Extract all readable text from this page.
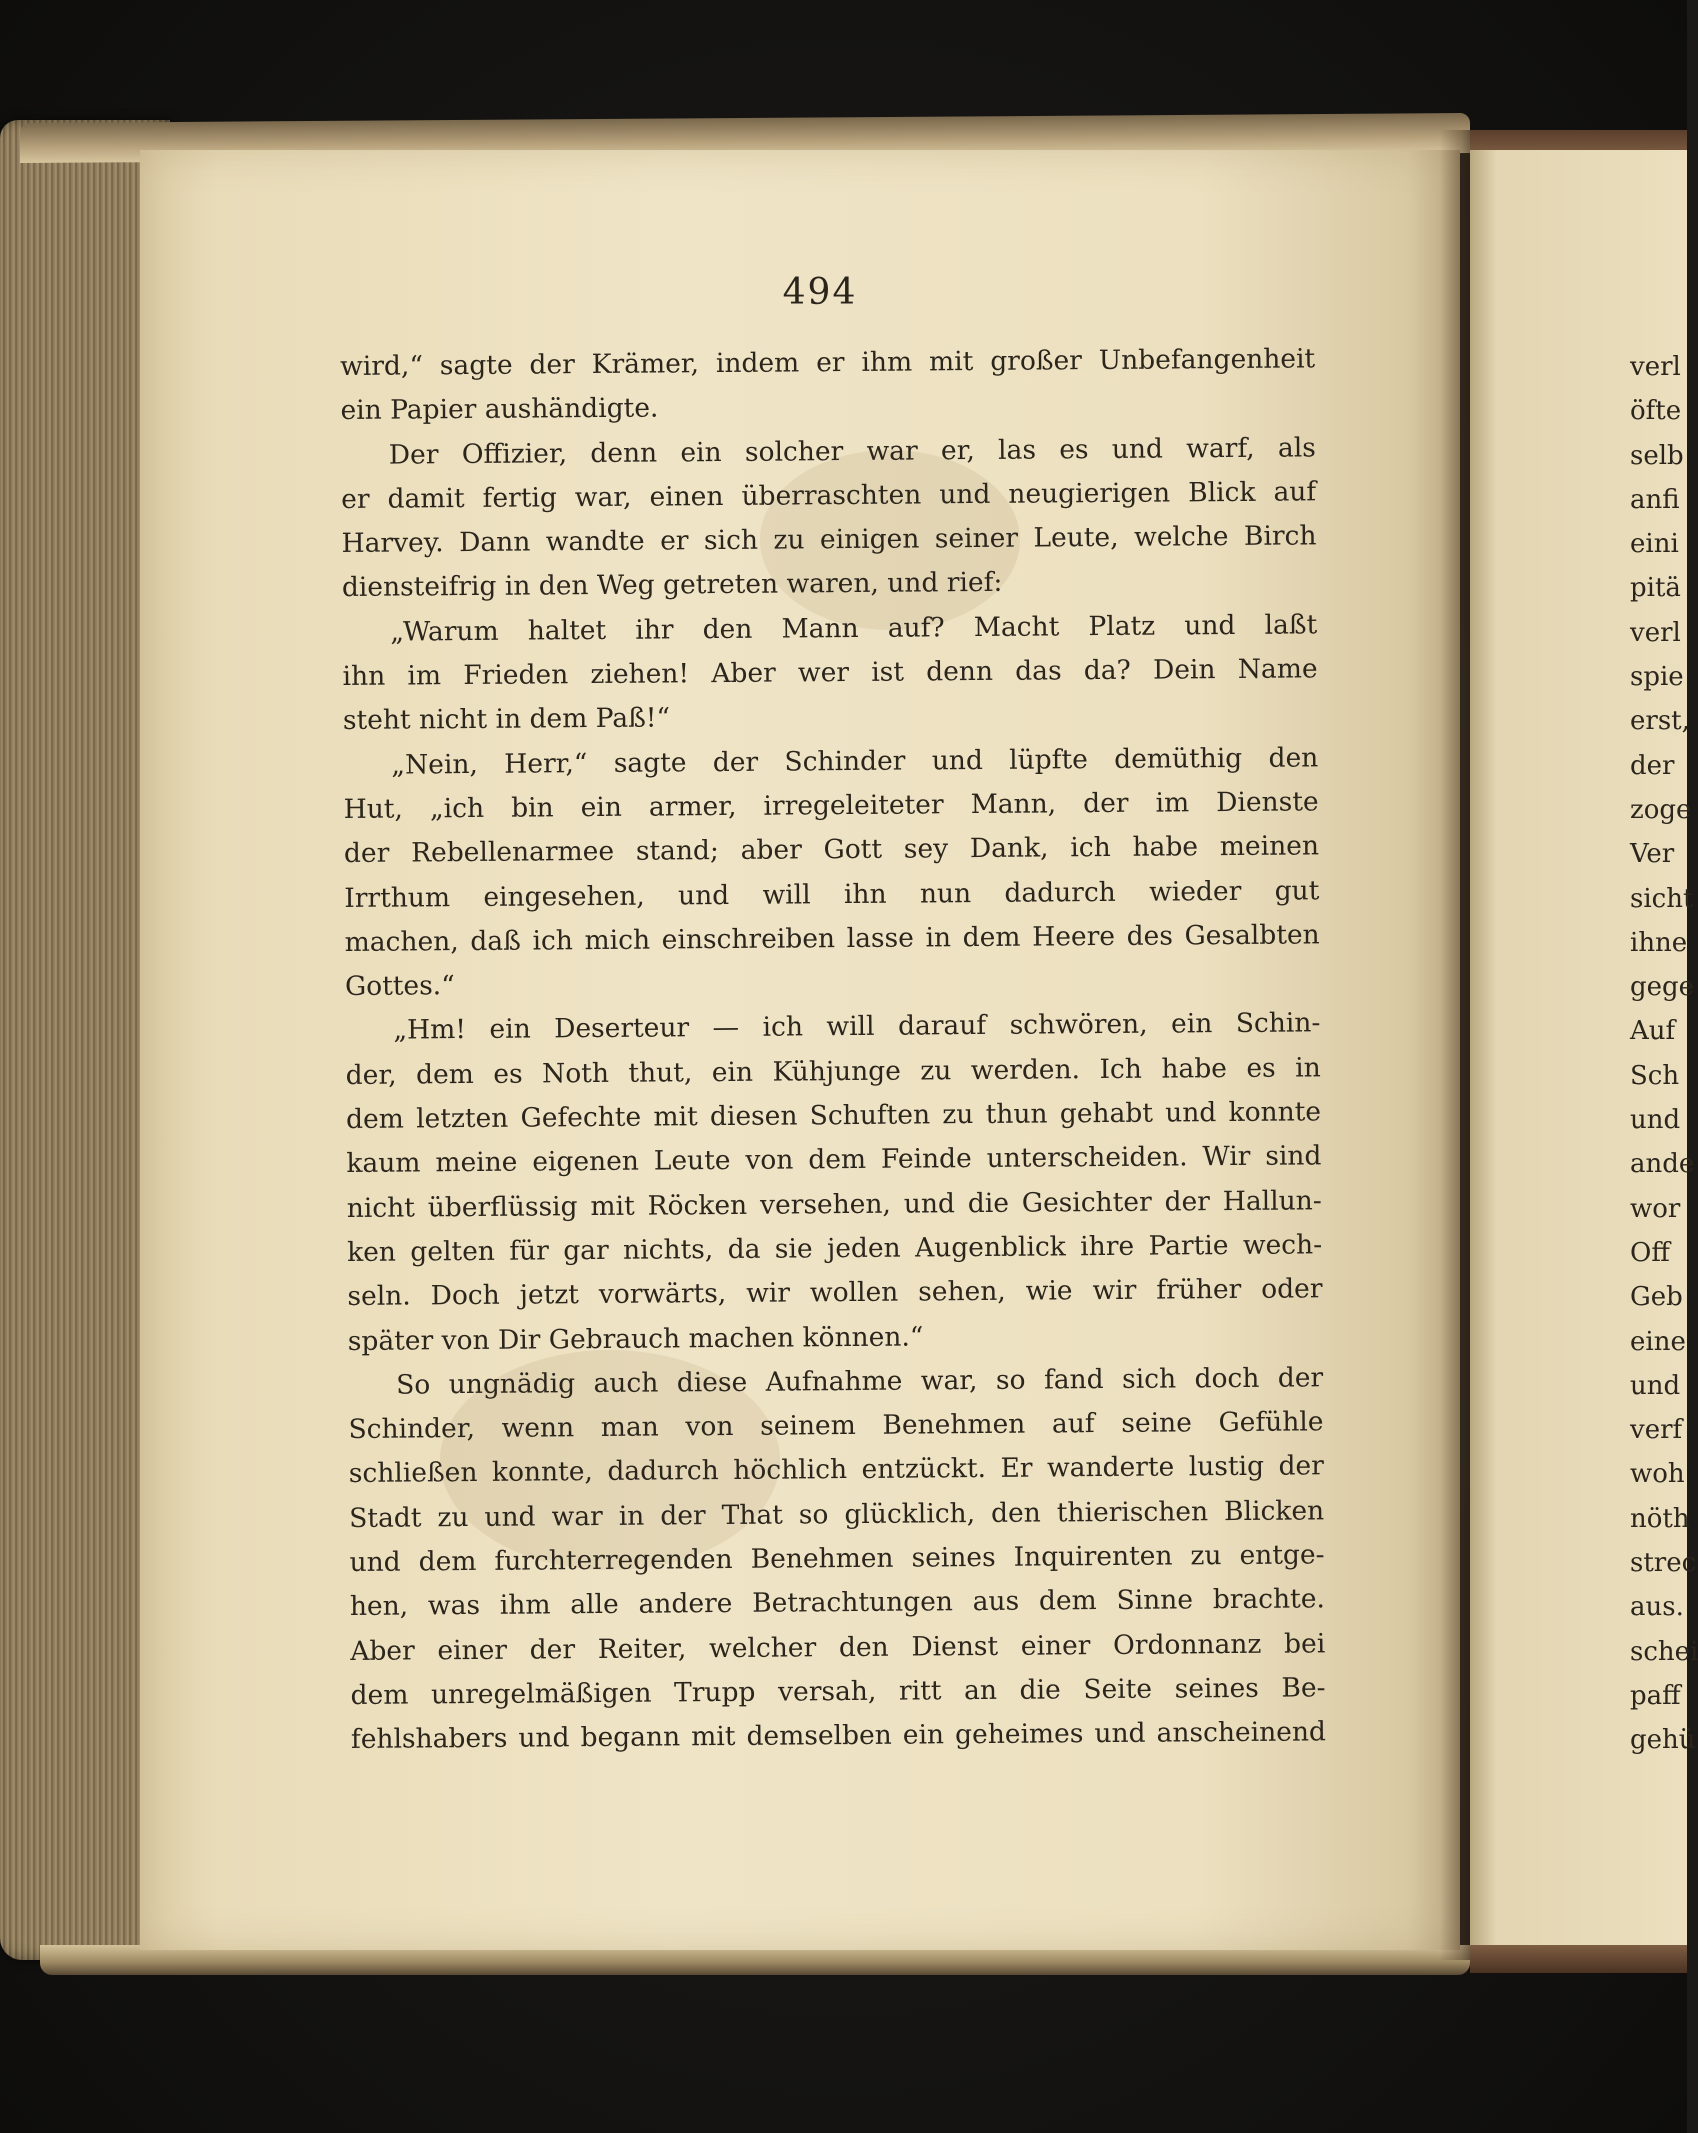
494
wird,“ sagte der Krämer, indem er ihm mit großer Unbefangenheit
ein Papier aushändigte.
Der Offizier, denn ein solcher war er, las es und warf, als
er damit fertig war, einen überraschten und neugierigen Blick auf
Harvey. Dann wandte er sich zu einigen seiner Leute, welche Birch
diensteifrig in den Weg getreten waren, und rief:
„Warum haltet ihr den Mann auf? Macht Platz und laßt
ihn im Frieden ziehen! Aber wer ist denn das da? Dein Name
steht nicht in dem Paß!“
„Nein, Herr,“ sagte der Schinder und lüpfte demüthig den
Hut, „ich bin ein armer, irregeleiteter Mann, der im Dienste
der Rebellenarmee stand; aber Gott sey Dank, ich habe meinen
Irrthum eingesehen, und will ihn nun dadurch wieder gut
machen, daß ich mich einschreiben lasse in dem Heere des Gesalbten
Gottes.“
„Hm! ein Deserteur — ich will darauf schwören, ein Schin-
der, dem es Noth thut, ein Kühjunge zu werden. Ich habe es in
dem letzten Gefechte mit diesen Schuften zu thun gehabt und konnte
kaum meine eigenen Leute von dem Feinde unterscheiden. Wir sind
nicht überflüssig mit Röcken versehen, und die Gesichter der Hallun-
ken gelten für gar nichts, da sie jeden Augenblick ihre Partie wech-
seln. Doch jetzt vorwärts, wir wollen sehen, wie wir früher oder
später von Dir Gebrauch machen können.“
So ungnädig auch diese Aufnahme war, so fand sich doch der
Schinder, wenn man von seinem Benehmen auf seine Gefühle
schließen konnte, dadurch höchlich entzückt. Er wanderte lustig der
Stadt zu und war in der That so glücklich, den thierischen Blicken
und dem furchterregenden Benehmen seines Inquirenten zu entge-
hen, was ihm alle andere Betrachtungen aus dem Sinne brachte.
Aber einer der Reiter, welcher den Dienst einer Ordonnanz bei
dem unregelmäßigen Trupp versah, ritt an die Seite seines Be-
fehlshabers und begann mit demselben ein geheimes und anscheinend
verl
öfte
selb
anfi
eini
pitä
verl
spie
erst,
der
zoge
Ver
sicht
ihne
gege
Auf
Sch
und
ande
wor
Off
Geb
eine
und
verf
woh
nöth
strec
aus.
schei
paff
gehü
